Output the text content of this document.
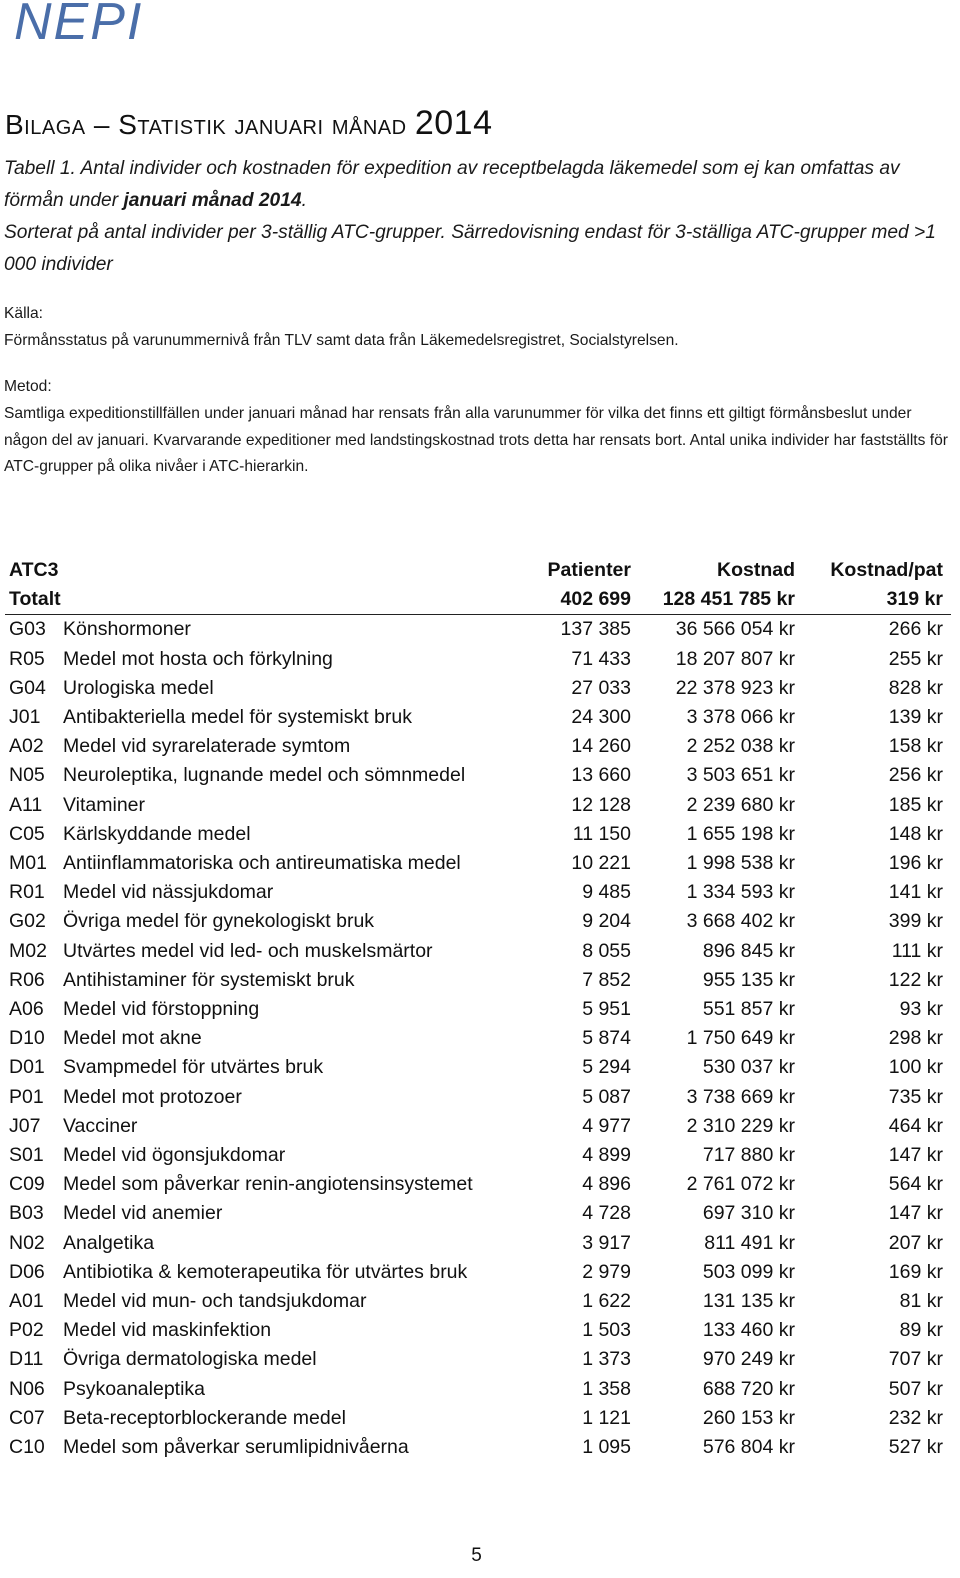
NEPI
Bilaga – Statistik januari månad 2014
Tabell 1. Antal individer och kostnaden för expedition av receptbelagda läkemedel som ej kan omfattas av förmån under januari månad 2014.
Sorterat på antal individer per 3-ställig ATC-grupper. Särredovisning endast för 3-ställiga ATC-grupper med >1 000 individer
Källa:
Förmånsstatus på varunummernivå från TLV samt data från Läkemedelsregistret, Socialstyrelsen.
Metod:
Samtliga expeditionstillfällen under januari månad har rensats från alla varunummer för vilka det finns ett giltigt förmånsbeslut under någon del av januari. Kvarvarande expeditioner med landstingskostnad trots detta har rensats bort. Antal unika individer har fastställts för ATC-grupper på olika nivåer i ATC-hierarkin.
ATC3		Patienter	Kostnad	Kostnad/pat
Totalt		402 699	128 451 785 kr	319 kr
G03	Könshormoner	137 385	36 566 054 kr	266 kr
R05	Medel mot hosta och förkylning	71 433	18 207 807 kr	255 kr
G04	Urologiska medel	27 033	22 378 923 kr	828 kr
J01	Antibakteriella medel för systemiskt bruk	24 300	3 378 066 kr	139 kr
A02	Medel vid syrarelaterade symtom	14 260	2 252 038 kr	158 kr
N05	Neuroleptika, lugnande medel och sömnmedel	13 660	3 503 651 kr	256 kr
A11	Vitaminer	12 128	2 239 680 kr	185 kr
C05	Kärlskyddande medel	11 150	1 655 198 kr	148 kr
M01	Antiinflammatoriska och antireumatiska medel	10 221	1 998 538 kr	196 kr
R01	Medel vid nässjukdomar	9 485	1 334 593 kr	141 kr
G02	Övriga medel för gynekologiskt bruk	9 204	3 668 402 kr	399 kr
M02	Utvärtes medel vid led- och muskelsmärtor	8 055	896 845 kr	111 kr
R06	Antihistaminer för systemiskt bruk	7 852	955 135 kr	122 kr
A06	Medel vid förstoppning	5 951	551 857 kr	93 kr
D10	Medel mot akne	5 874	1 750 649 kr	298 kr
D01	Svampmedel för utvärtes bruk	5 294	530 037 kr	100 kr
P01	Medel mot protozoer	5 087	3 738 669 kr	735 kr
J07	Vacciner	4 977	2 310 229 kr	464 kr
S01	Medel vid ögonsjukdomar	4 899	717 880 kr	147 kr
C09	Medel som påverkar renin-angiotensinsystemet	4 896	2 761 072 kr	564 kr
B03	Medel vid anemier	4 728	697 310 kr	147 kr
N02	Analgetika	3 917	811 491 kr	207 kr
D06	Antibiotika & kemoterapeutika för utvärtes bruk	2 979	503 099 kr	169 kr
A01	Medel vid mun- och tandsjukdomar	1 622	131 135 kr	81 kr
P02	Medel vid maskinfektion	1 503	133 460 kr	89 kr
D11	Övriga dermatologiska medel	1 373	970 249 kr	707 kr
N06	Psykoanaleptika	1 358	688 720 kr	507 kr
C07	Beta-receptorblockerande medel	1 121	260 153 kr	232 kr
C10	Medel som påverkar serumlipidnivåerna	1 095	576 804 kr	527 kr
5
